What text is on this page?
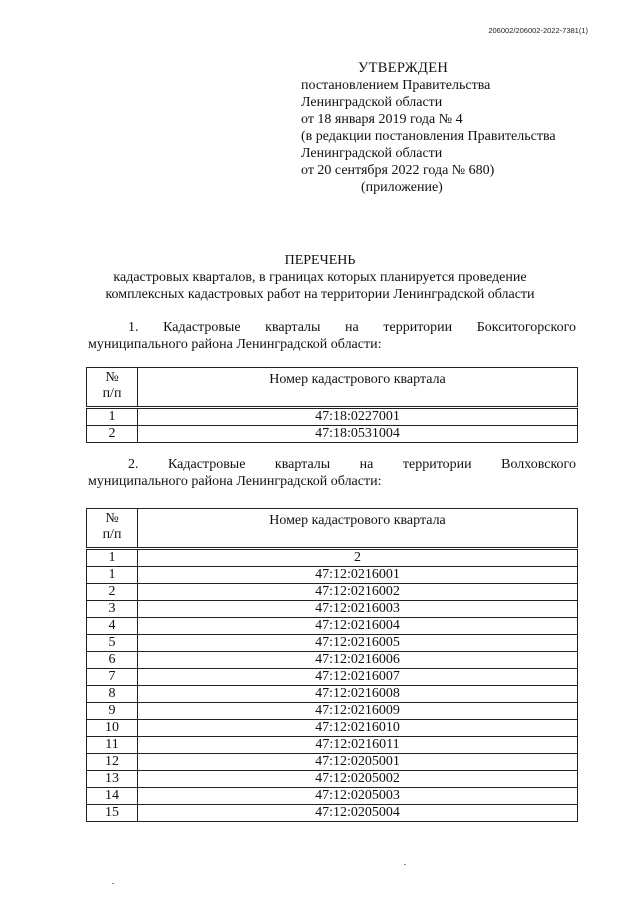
206002/206002-2022-7381(1)
УТВЕРЖДЕН
постановлением Правительства
Ленинградской области
от 18 января 2019 года № 4
(в редакции постановления Правительства
Ленинградской области
от 20 сентября 2022 года № 680)
(приложение)
ПЕРЕЧЕНЬ
кадастровых кварталов, в границах которых планируется проведение
комплексных кадастровых работ на территории Ленинградской области
1. Кадастровые кварталы на территории Бокситогорского
муниципального района Ленинградской области:
№
п/п	Номер кадастрового квартала
1	47:18:0227001
2	47:18:0531004
2. Кадастровые кварталы на территории Волховского
муниципального района Ленинградской области:
№
п/п	Номер кадастрового квартала
1	2
1	47:12:0216001
2	47:12:0216002
3	47:12:0216003
4	47:12:0216004
5	47:12:0216005
6	47:12:0216006
7	47:12:0216007
8	47:12:0216008
9	47:12:0216009
10	47:12:0216010
11	47:12:0216011
12	47:12:0205001
13	47:12:0205002
14	47:12:0205003
15	47:12:0205004
